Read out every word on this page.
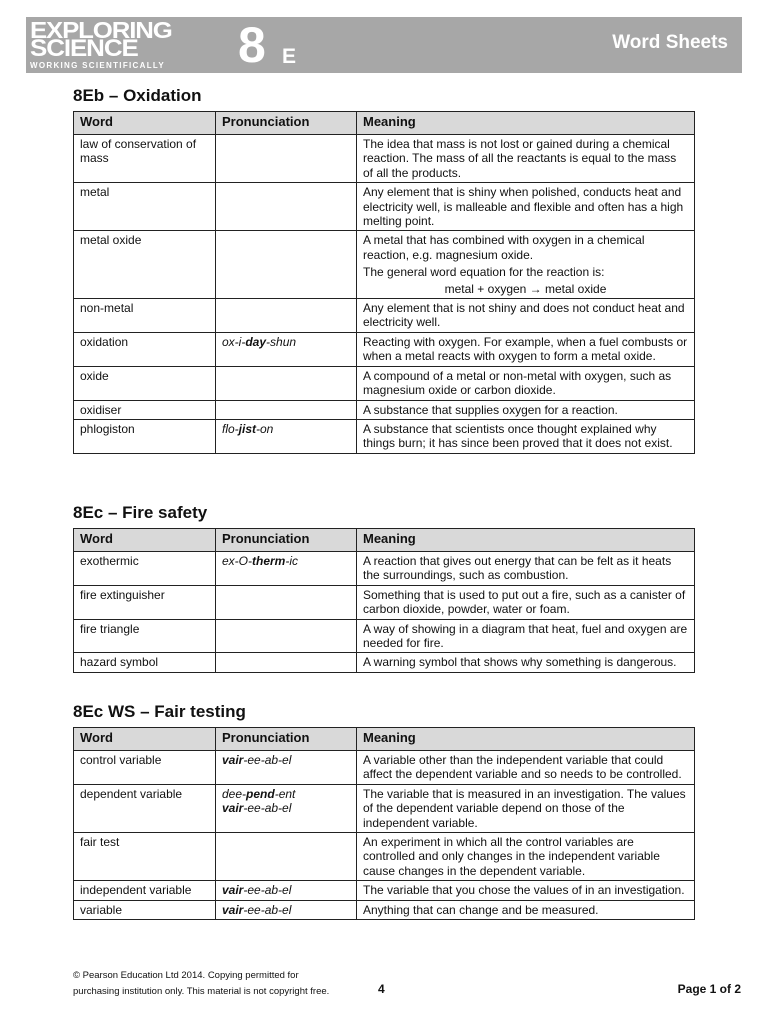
EXPLORING
SCIENCE
WORKING SCIENTIFICALLY 8 E
Word Sheets
8Eb – Oxidation
Word	Pronunciation	Meaning
law of conservation of mass		The idea that mass is not lost or gained during a chemical reaction. The mass of all the reactants is equal to the mass of all the products.

metal		Any element that is shiny when polished, conducts heat and electricity well, is malleable and flexible and often has a high melting point.

metal oxide		A metal that has combined with oxygen in a chemical reaction, e.g. magnesium oxide.
The general word equation for the reaction is:
metal + oxygen → metal oxide

non-metal		Any element that is not shiny and does not conduct heat and electricity well.

oxidation	ox-i-day-shun	Reacting with oxygen. For example, when a fuel combusts or when a metal reacts with oxygen to form a metal oxide.

oxide		A compound of a metal or non-metal with oxygen, such as magnesium oxide or carbon dioxide.

oxidiser		A substance that supplies oxygen for a reaction.

phlogiston	flo-jist-on	A substance that scientists once thought explained why things burn; it has since been proved that it does not exist.
8Ec – Fire safety
Word	Pronunciation	Meaning
exothermic	ex-O-therm-ic	A reaction that gives out energy that can be felt as it heats the surroundings, such as combustion.

fire extinguisher		Something that is used to put out a fire, such as a canister of carbon dioxide, powder, water or foam.

fire triangle		A way of showing in a diagram that heat, fuel and oxygen are needed for fire.

hazard symbol		A warning symbol that shows why something is dangerous.
8Ec WS – Fair testing
Word	Pronunciation	Meaning
control variable	vair-ee-ab-el	A variable other than the independent variable that could affect the dependent variable and so needs to be controlled.

dependent variable	dee-pend-ent
vair-ee-ab-el	The variable that is measured in an investigation. The values of the dependent variable depend on those of the independent variable.

fair test		An experiment in which all the control variables are controlled and only changes in the independent variable cause changes in the dependent variable.

independent variable	vair-ee-ab-el	The variable that you chose the values of in an investigation.

variable	vair-ee-ab-el	Anything that can change and be measured.
© Pearson Education Ltd 2014. Copying permitted for
purchasing institution only. This material is not copyright free.	4	Page 1 of 2
